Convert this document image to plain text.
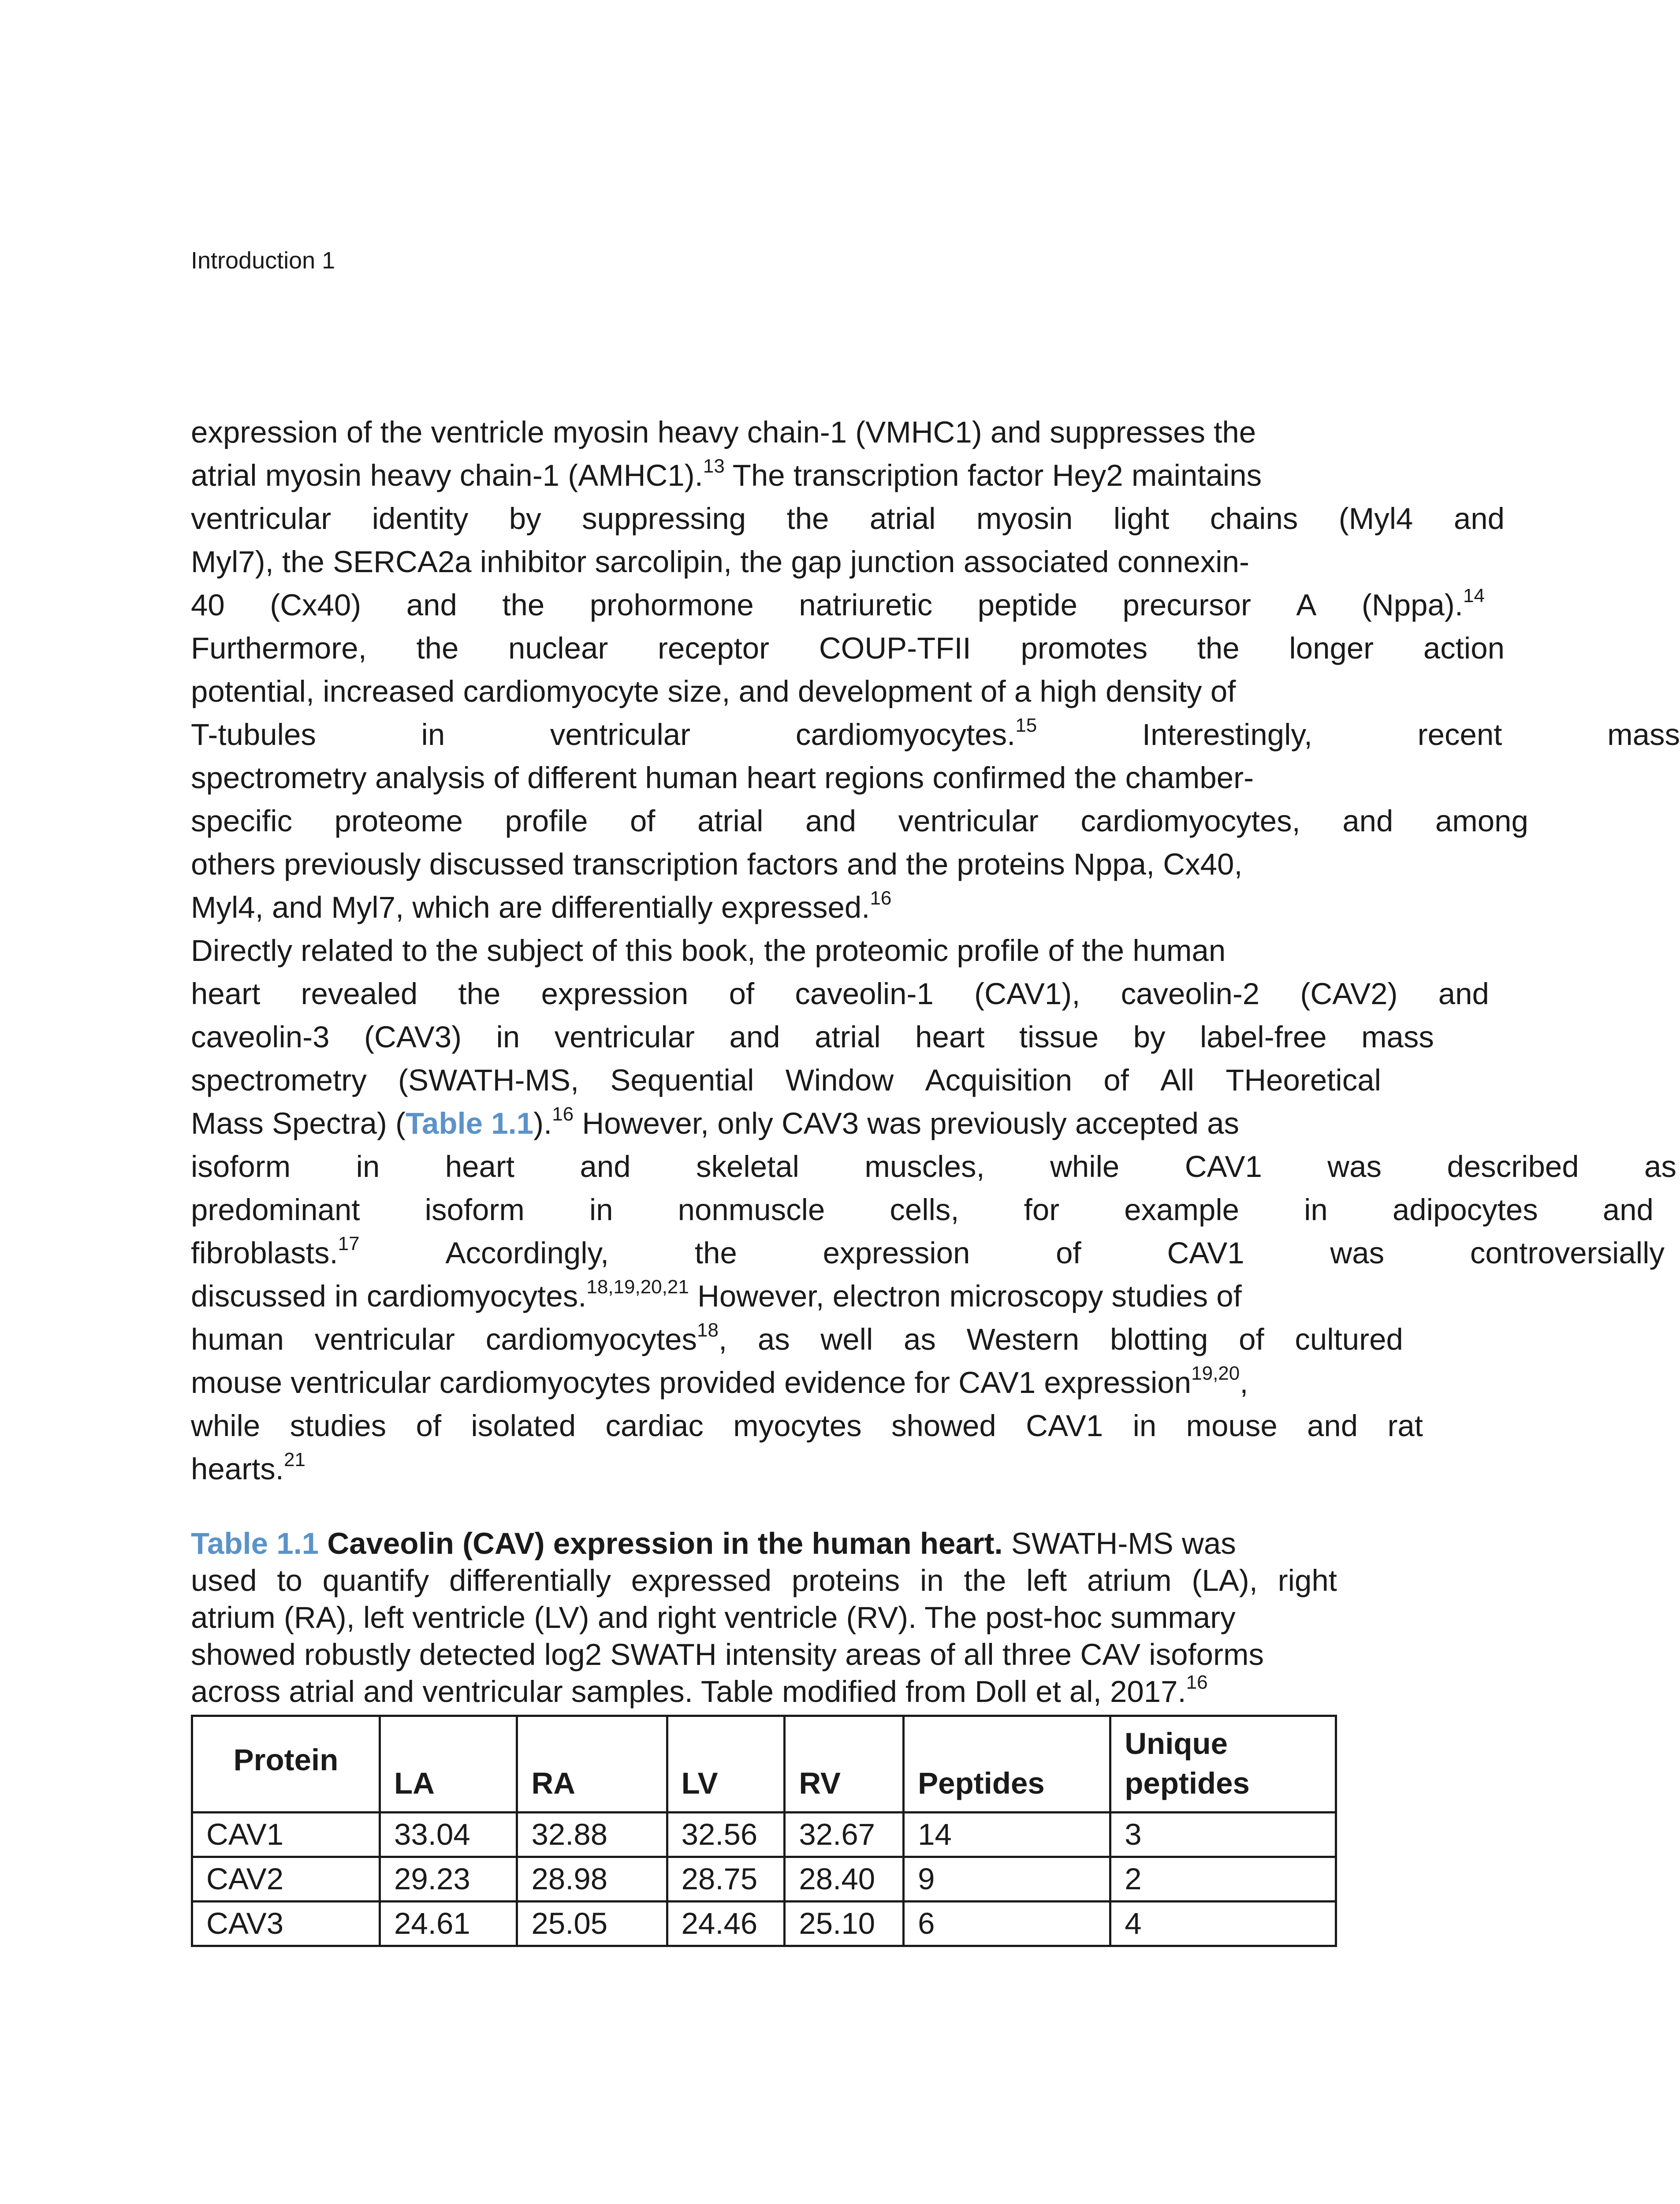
Introduction 1
expression of the ventricle myosin heavy chain-1 (VMHC1) and suppresses the
atrial myosin heavy chain-1 (AMHC1).$^{13}$ The transcription factor Hey2 maintains
ventricular identity by suppressing the atrial myosin light chains (Myl4 and
Myl7), the SERCA2a inhibitor sarcolipin, the gap junction associated connexin-
40 (Cx40) and the prohormone natriuretic peptide precursor A (Nppa).$^{14}$
Furthermore, the nuclear receptor COUP-TFII promotes the longer action
potential, increased cardiomyocyte size, and development of a high density of
T-tubules	in	ventricular	cardiomyocytes.$^{15}$	Interestingly,	recent	mass
spectrometry analysis of different human heart regions confirmed the chamber-
specific proteome profile of atrial and ventricular cardiomyocytes, and among
others previously discussed transcription factors and the proteins Nppa, Cx40,
Myl4, and Myl7, which are differentially expressed.$^{16}$
Directly related to the subject of this book, the proteomic profile of the human
heart revealed the expression of caveolin-1 (CAV1), caveolin-2 (CAV2) and
caveolin-3 (CAV3) in ventricular and atrial heart tissue by label-free mass
spectrometry (SWATH-MS, Sequential Window Acquisition of All THeoretical
Mass Spectra) (Table 1.1).$^{16}$ However, only CAV3 was previously accepted as
isoform in heart and skeletal muscles, while CAV1 was described as
predominant isoform in nonmuscle cells, for example in adipocytes and
fibroblasts.$^{17}$	Accordingly,	the	expression	of	CAV1	was	controversially
discussed in cardiomyocytes.$^{18,19,20,21}$ However, electron microscopy studies of
human ventricular cardiomyocytes$^{18}$, as well as Western blotting of cultured
mouse ventricular cardiomyocytes provided evidence for CAV1 expression$^{19,20}$,
while studies of isolated cardiac myocytes showed CAV1 in mouse and rat
hearts.$^{21}$
Table 1.1 Caveolin (CAV) expression in the human heart. SWATH-MS was
used to quantify differentially expressed proteins in the left atrium (LA), right
atrium (RA), left ventricle (LV) and right ventricle (RV). The post-hoc summary
showed robustly detected log2 SWATH intensity areas of all three CAV isoforms
across atrial and ventricular samples. Table modified from Doll et al, 2017.16
Protein	LA	RA	LV	RV	Peptides	Unique
peptides

CAV1	33.04	32.88	32.56	32.67	14	3
CAV2	29.23	28.98	28.75	28.40	9	2
CAV3	24.61	25.05	24.46	25.10	6	4
